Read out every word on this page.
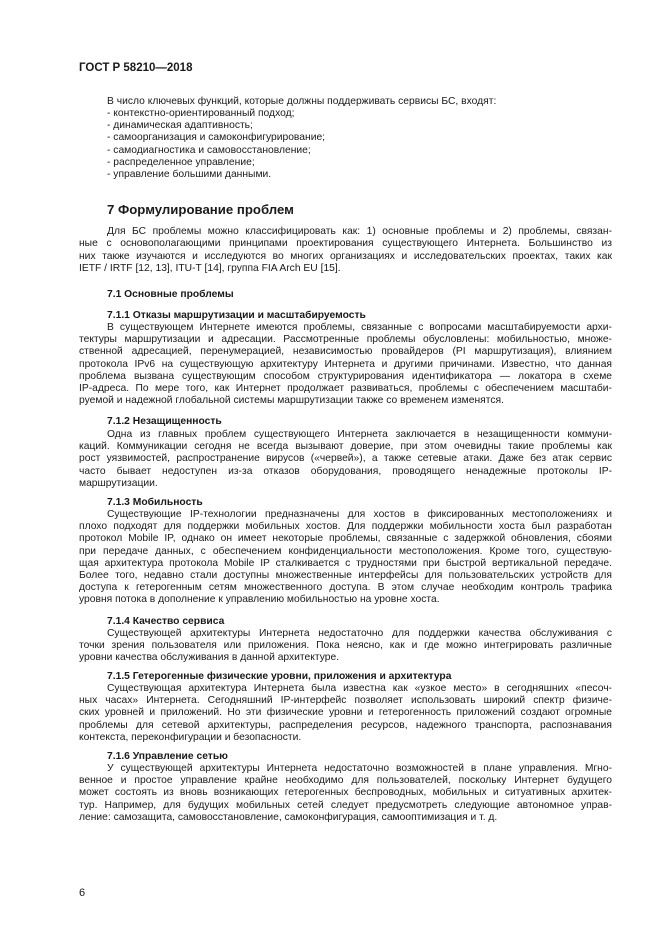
ГОСТ Р 58210—2018
В число ключевых функций, которые должны поддерживать сервисы БС, входят:
- контекстно-ориентированный подход;
- динамическая адаптивность;
- самоорганизация и самоконфигурирование;
- самодиагностика и самовосстановление;
- распределенное управление;
- управление большими данными.
7 Формулирование проблем
Для БС проблемы можно классифицировать как: 1) основные проблемы и 2) проблемы, связан-
ные с основополагающими принципами проектирования существующего Интернета. Большинство из
них также изучаются и исследуются во многих организациях и исследовательских проектах, таких как
IETF / IRTF [12, 13], ITU-T [14], группа FIA Arch EU [15].
7.1 Основные проблемы
7.1.1 Отказы маршрутизации и масштабируемость
В существующем Интернете имеются проблемы, связанные с вопросами масштабируемости архи-
тектуры маршрутизации и адресации. Рассмотренные проблемы обусловлены: мобильностью, множе-
ственной адресацией, перенумерацией, независимостью провайдеров (PI маршрутизация), влиянием
протокола IPv6 на существующую архитектуру Интернета и другими причинами. Известно, что данная
проблема вызвана существующим способом структурирования идентификатора — локатора в схеме
IP-адреса. По мере того, как Интернет продолжает развиваться, проблемы с обеспечением масштаби-
руемой и надежной глобальной системы маршрутизации также со временем изменятся.
7.1.2 Незащищенность
Одна из главных проблем существующего Интернета заключается в незащищенности коммуни-
каций. Коммуникации сегодня не всегда вызывают доверие, при этом очевидны такие проблемы как
рост уязвимостей, распространение вирусов («червей»), а также сетевые атаки. Даже без атак сервис
часто бывает недоступен из-за отказов оборудования, проводящего ненадежные протоколы IP-
маршрутизации.
7.1.3 Мобильность
Существующие IP-технологии предназначены для хостов в фиксированных местоположениях и
плохо подходят для поддержки мобильных хостов. Для поддержки мобильности хоста был разработан
протокол Mobile IP, однако он имеет некоторые проблемы, связанные с задержкой обновления, сбоями
при передаче данных, с обеспечением конфиденциальности местоположения. Кроме того, существую-
щая архитектура протокола Mobile IP сталкивается с трудностями при быстрой вертикальной передаче.
Более того, недавно стали доступны множественные интерфейсы для пользовательских устройств для
доступа к гетерогенным сетям множественного доступа. В этом случае необходим контроль трафика
уровня потока в дополнение к управлению мобильностью на уровне хоста.
7.1.4 Качество сервиса
Существующей архитектуры Интернета недостаточно для поддержки качества обслуживания с
точки зрения пользователя или приложения. Пока неясно, как и где можно интегрировать различные
уровни качества обслуживания в данной архитектуре.
7.1.5 Гетерогенные физические уровни, приложения и архитектура
Существующая архитектура Интернета была известна как «узкое место» в сегодняшних «песоч-
ных часах» Интернета. Сегодняшний IP-интерфейс позволяет использовать широкий спектр физиче-
ских уровней и приложений. Но эти физические уровни и гетерогенность приложений создают огромные
проблемы для сетевой архитектуры, распределения ресурсов, надежного транспорта, распознавания
контекста, переконфигурации и безопасности.
7.1.6 Управление сетью
У существующей архитектуры Интернета недостаточно возможностей в плане управления. Мгно-
венное и простое управление крайне необходимо для пользователей, поскольку Интернет будущего
может состоять из вновь возникающих гетерогенных беспроводных, мобильных и ситуативных архитек-
тур. Например, для будущих мобильных сетей следует предусмотреть следующие автономное управ-
ление: самозащита, самовосстановление, самоконфигурация, самооптимизация и т. д.
6
